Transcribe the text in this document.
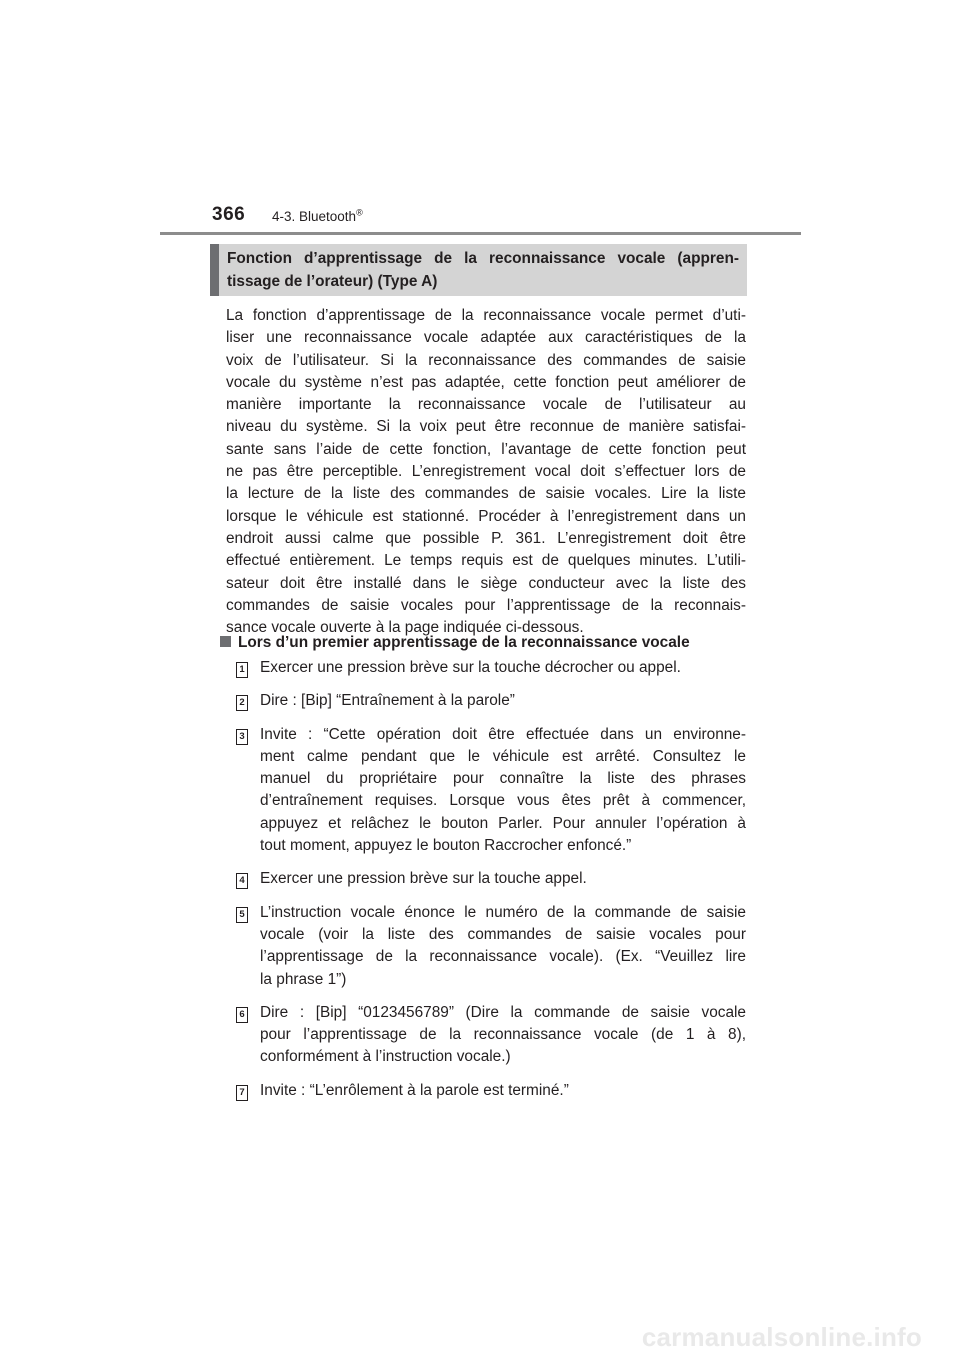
366 4-3. Bluetooth®

Fonction d’apprentissage de la reconnaissance vocale (appren-
tissage de l’orateur) (Type A)

La fonction d’apprentissage de la reconnaissance vocale permet d’uti-
liser une reconnaissance vocale adaptée aux caractéristiques de la
voix de l’utilisateur. Si la reconnaissance des commandes de saisie
vocale du système n’est pas adaptée, cette fonction peut améliorer de
manière importante la reconnaissance vocale de l’utilisateur au
niveau du système. Si la voix peut être reconnue de manière satisfai-
sante sans l’aide de cette fonction, l’avantage de cette fonction peut
ne pas être perceptible. L’enregistrement vocal doit s’effectuer lors de
la lecture de la liste des commandes de saisie vocales. Lire la liste
lorsque le véhicule est stationné. Procéder à l’enregistrement dans un
endroit aussi calme que possible P. 361. L’enregistrement doit être
effectué entièrement. Le temps requis est de quelques minutes. L’utili-
sateur doit être installé dans le siège conducteur avec la liste des
commandes de saisie vocales pour l’apprentissage de la reconnais-
sance vocale ouverte à la page indiquée ci-dessous.
Lors d’un premier apprentissage de la reconnaissance vocale
1 Exercer une pression brève sur la touche décrocher ou appel.
2 Dire : [Bip] “Entraînement à la parole”
3 Invite : “Cette opération doit être effectuée dans un environne-
ment calme pendant que le véhicule est arrêté. Consultez le
manuel du propriétaire pour connaître la liste des phrases
d’entraînement requises. Lorsque vous êtes prêt à commencer,
appuyez et relâchez le bouton Parler. Pour annuler l’opération à
tout moment, appuyez le bouton Raccrocher enfoncé.”
4 Exercer une pression brève sur la touche appel.
5 L’instruction vocale énonce le numéro de la commande de saisie
vocale (voir la liste des commandes de saisie vocales pour
l’apprentissage de la reconnaissance vocale). (Ex. “Veuillez lire
la phrase 1”)
6 Dire : [Bip] “0123456789” (Dire la commande de saisie vocale
pour l’apprentissage de la reconnaissance vocale (de 1 à 8),
conformément à l’instruction vocale.)
7 Invite : “L’enrôlement à la parole est terminé.”
carmanualsonline.info
